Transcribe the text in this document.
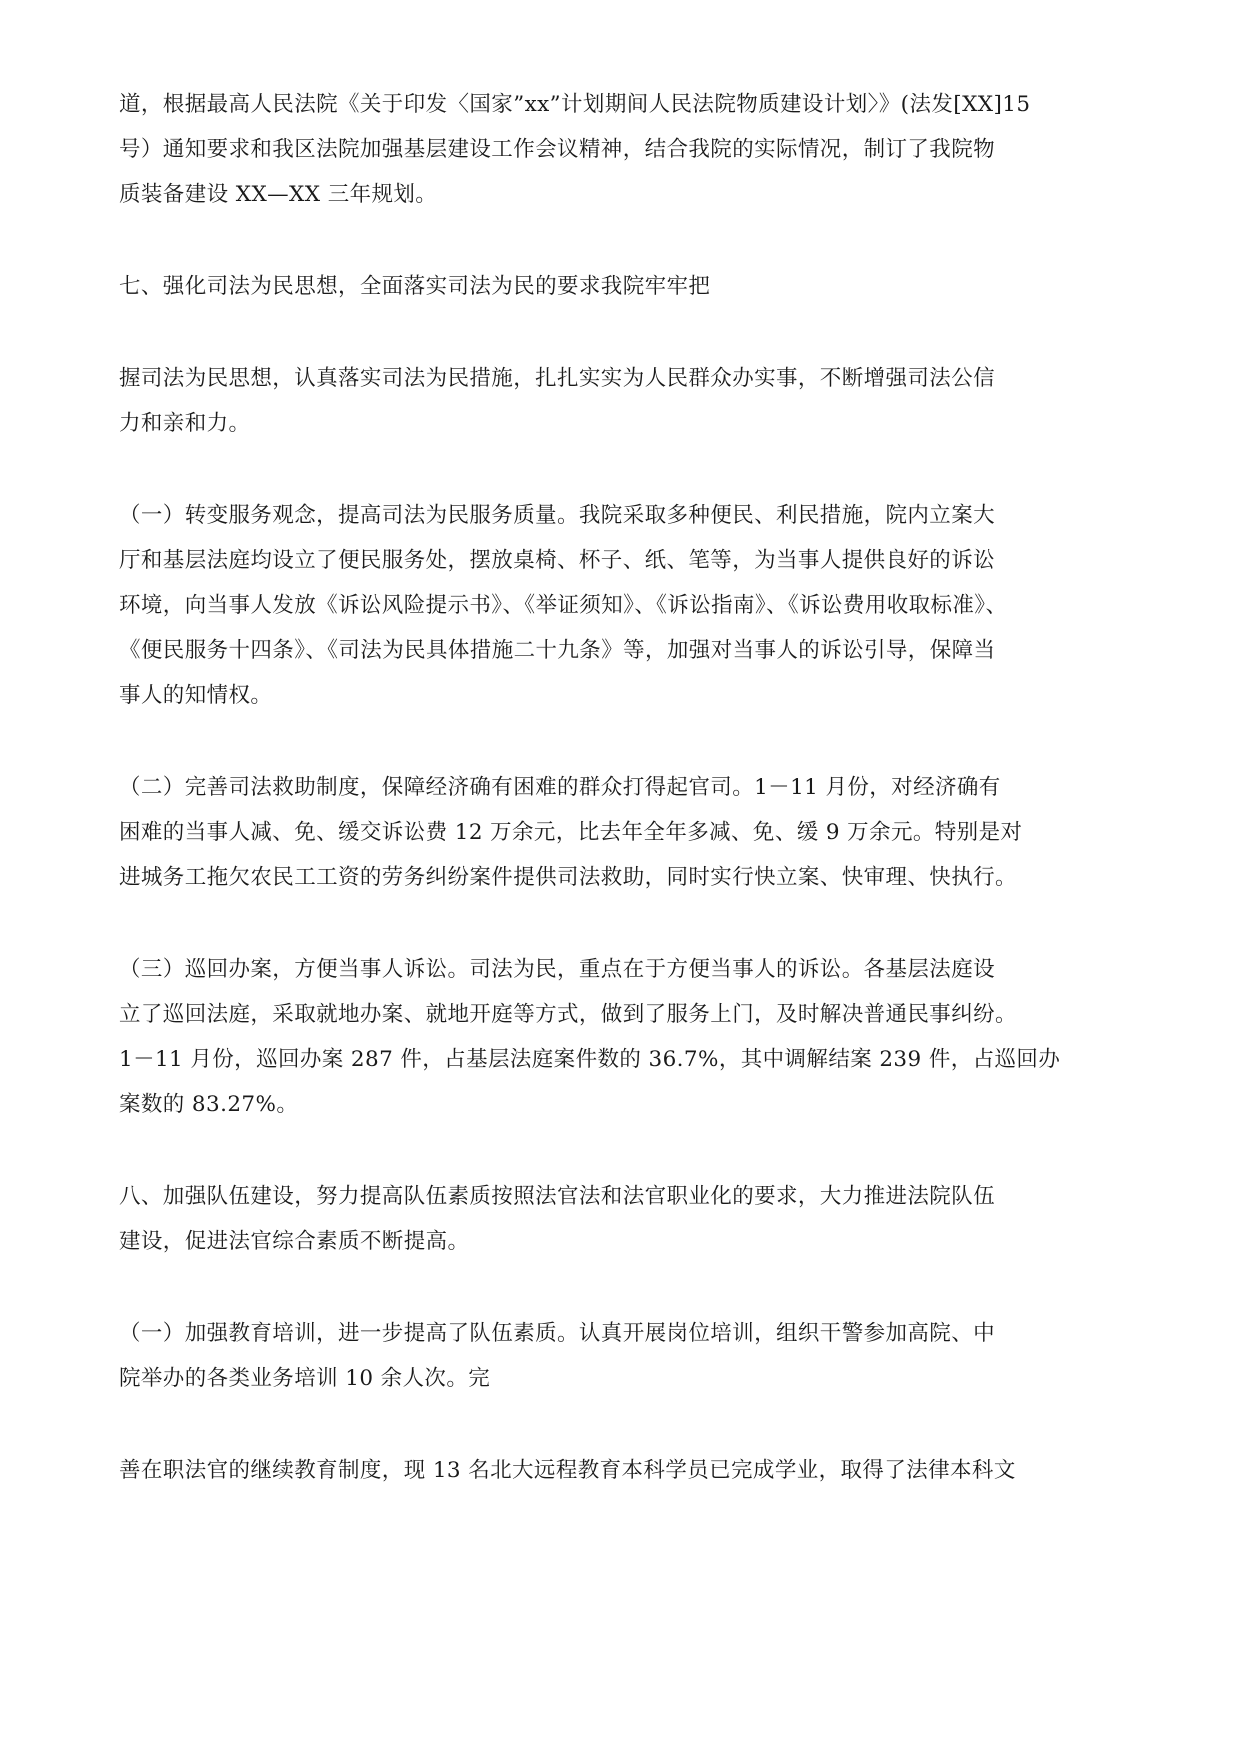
道，根据最高人民法院《关于印发〈国家”xx”计划期间人民法院物质建设计划〉》(法发[XX]15
号）通知要求和我区法院加强基层建设工作会议精神，结合我院的实际情况，制订了我院物
质装备建设 XX—XX 三年规划。

七、强化司法为民思想，全面落实司法为民的要求我院牢牢把

握司法为民思想，认真落实司法为民措施，扎扎实实为人民群众办实事，不断增强司法公信
力和亲和力。

（一）转变服务观念，提高司法为民服务质量。我院采取多种便民、利民措施，院内立案大
厅和基层法庭均设立了便民服务处，摆放桌椅、杯子、纸、笔等，为当事人提供良好的诉讼
环境，向当事人发放《诉讼风险提示书》、《举证须知》、《诉讼指南》、《诉讼费用收取标准》、
《便民服务十四条》、《司法为民具体措施二十九条》等，加强对当事人的诉讼引导，保障当
事人的知情权。

（二）完善司法救助制度，保障经济确有困难的群众打得起官司。1－11 月份，对经济确有
困难的当事人减、免、缓交诉讼费 12 万余元，比去年全年多减、免、缓 9 万余元。特别是对
进城务工拖欠农民工工资的劳务纠纷案件提供司法救助，同时实行快立案、快审理、快执行。

（三）巡回办案，方便当事人诉讼。司法为民，重点在于方便当事人的诉讼。各基层法庭设
立了巡回法庭，采取就地办案、就地开庭等方式，做到了服务上门，及时解决普通民事纠纷。
1－11 月份，巡回办案 287 件，占基层法庭案件数的 36.7%，其中调解结案 239 件，占巡回办
案数的 83.27%。

八、加强队伍建设，努力提高队伍素质按照法官法和法官职业化的要求，大力推进法院队伍
建设，促进法官综合素质不断提高。

（一）加强教育培训，进一步提高了队伍素质。认真开展岗位培训，组织干警参加高院、中
院举办的各类业务培训 10 余人次。完

善在职法官的继续教育制度，现 13 名北大远程教育本科学员已完成学业，取得了法律本科文
